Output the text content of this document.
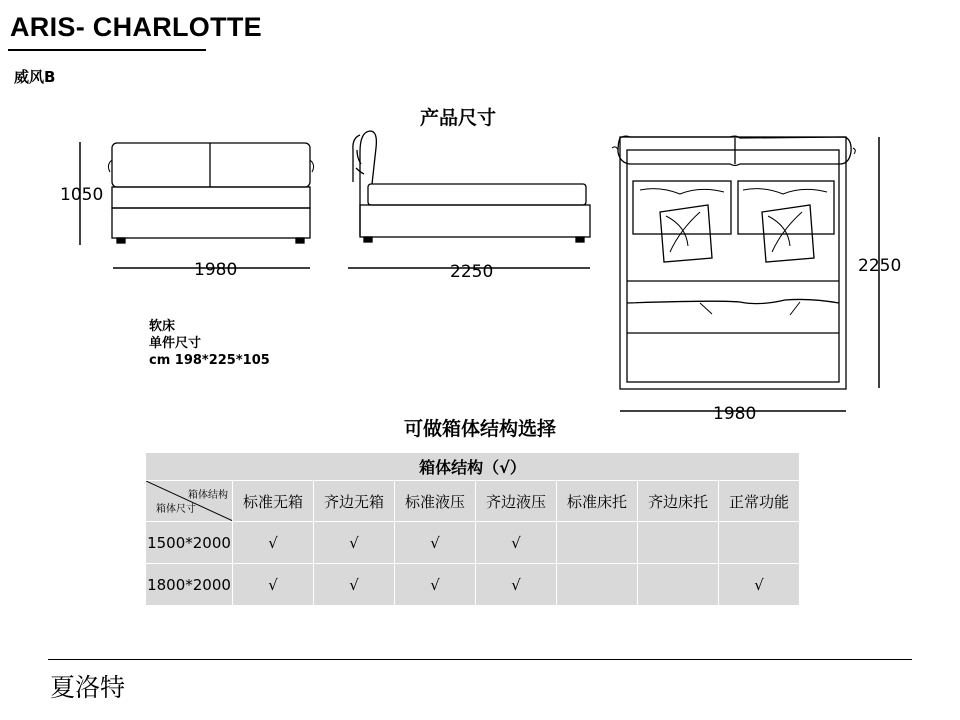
ARIS- CHARLOTTE
威风B
产品尺寸
1050
1980	2250	2250
1980
软床
单件尺寸
cm 198*225*105
可做箱体结构选择
箱体结构（√）							

箱体结构
箱体尺寸	标准无箱	齐边无箱	标准液压	齐边液压	标准床托	齐边床托	正常功能
1500*2000	√	√	√	√			
1800*2000	√	√	√	√			√
夏洛特
